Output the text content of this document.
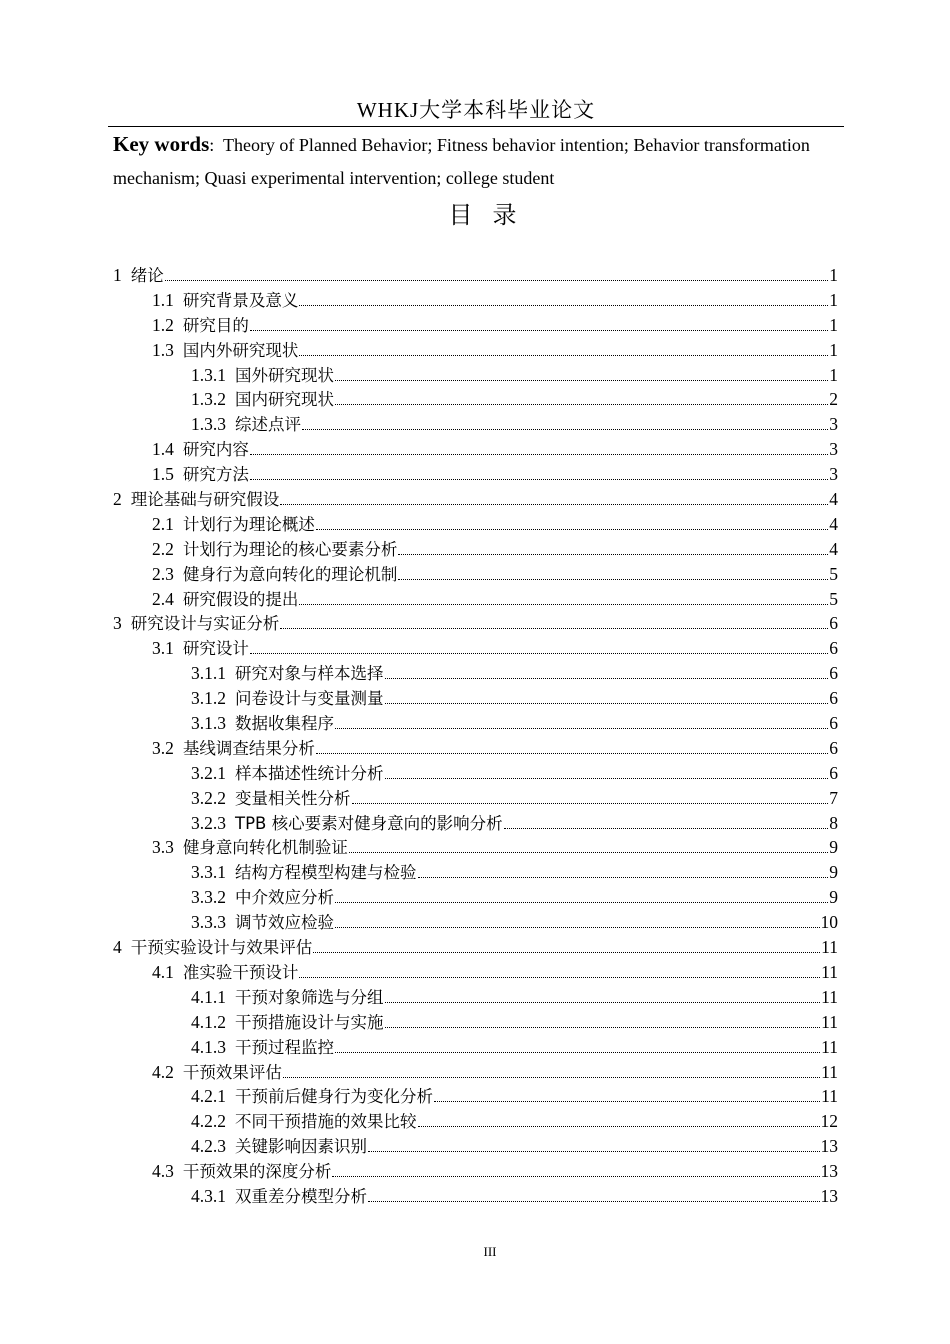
WHKJ大学本科毕业论文
Key words: Theory of Planned Behavior; Fitness behavior intention; Behavior transformation mechanism; Quasi experimental intervention; college student
目录
1 绪论	1
1.1 研究背景及意义	1
1.2 研究目的	1
1.3 国内外研究现状	1
1.3.1 国外研究现状	1
1.3.2 国内研究现状	2
1.3.3 综述点评	3
1.4 研究内容	3
1.5 研究方法	3
2 理论基础与研究假设	4
2.1 计划行为理论概述	4
2.2 计划行为理论的核心要素分析	4
2.3 健身行为意向转化的理论机制	5
2.4 研究假设的提出	5
3 研究设计与实证分析	6
3.1 研究设计	6
3.1.1 研究对象与样本选择	6
3.1.2 问卷设计与变量测量	6
3.1.3 数据收集程序	6
3.2 基线调查结果分析	6
3.2.1 样本描述性统计分析	6
3.2.2 变量相关性分析	7
3.2.3 TPB 核心要素对健身意向的影响分析	8
3.3 健身意向转化机制验证	9
3.3.1 结构方程模型构建与检验	9
3.3.2 中介效应分析	9
3.3.3 调节效应检验	10
4 干预实验设计与效果评估	11
4.1 准实验干预设计	11
4.1.1 干预对象筛选与分组	11
4.1.2 干预措施设计与实施	11
4.1.3 干预过程监控	11
4.2 干预效果评估	11
4.2.1 干预前后健身行为变化分析	11
4.2.2 不同干预措施的效果比较	12
4.2.3 关键影响因素识别	13
4.3 干预效果的深度分析	13
4.3.1 双重差分模型分析	13
III
